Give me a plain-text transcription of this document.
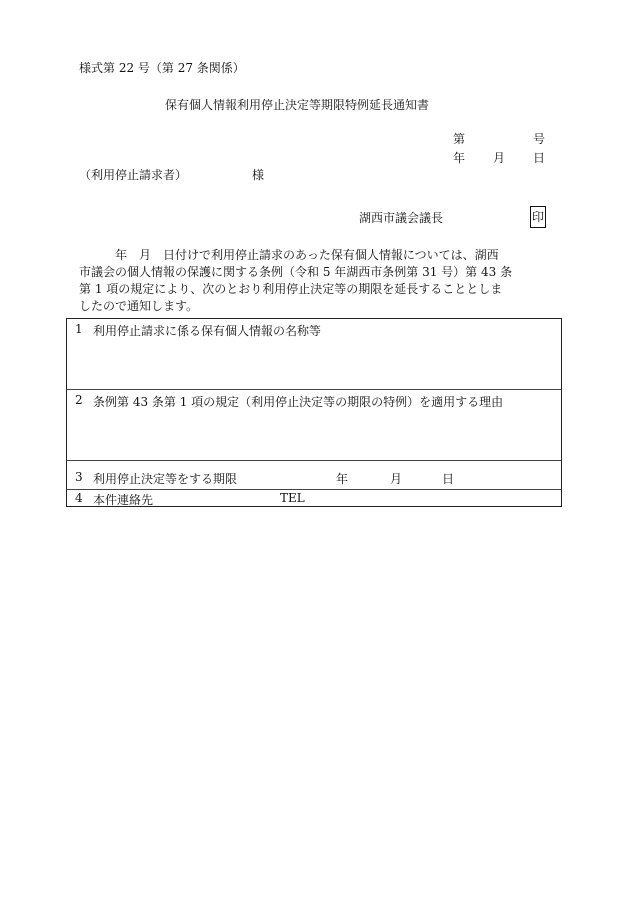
様式第 22 号（第 27 条関係）
保有個人情報利用停止決定等期限特例延長通知書
第	号
年 月 日
（利用停止請求者）	様
湖西市議会議長	印

　　　年　月　日付けで利用停止請求のあった保有個人情報については、湖西

市議会の個人情報の保護に関する条例（令和 5 年湖西市条例第 31 号）第 43 条

第 1 項の規定により、次のとおり利用停止決定等の期限を延長することとしま

したので通知します。

1 利用停止請求に係る保有個人情報の名称等
2 条例第 43 条第 1 項の規定（利用停止決定等の期限の特例）を適用する理由
3 利用停止決定等をする期限	年	月	日
4 本件連絡先	TEL
